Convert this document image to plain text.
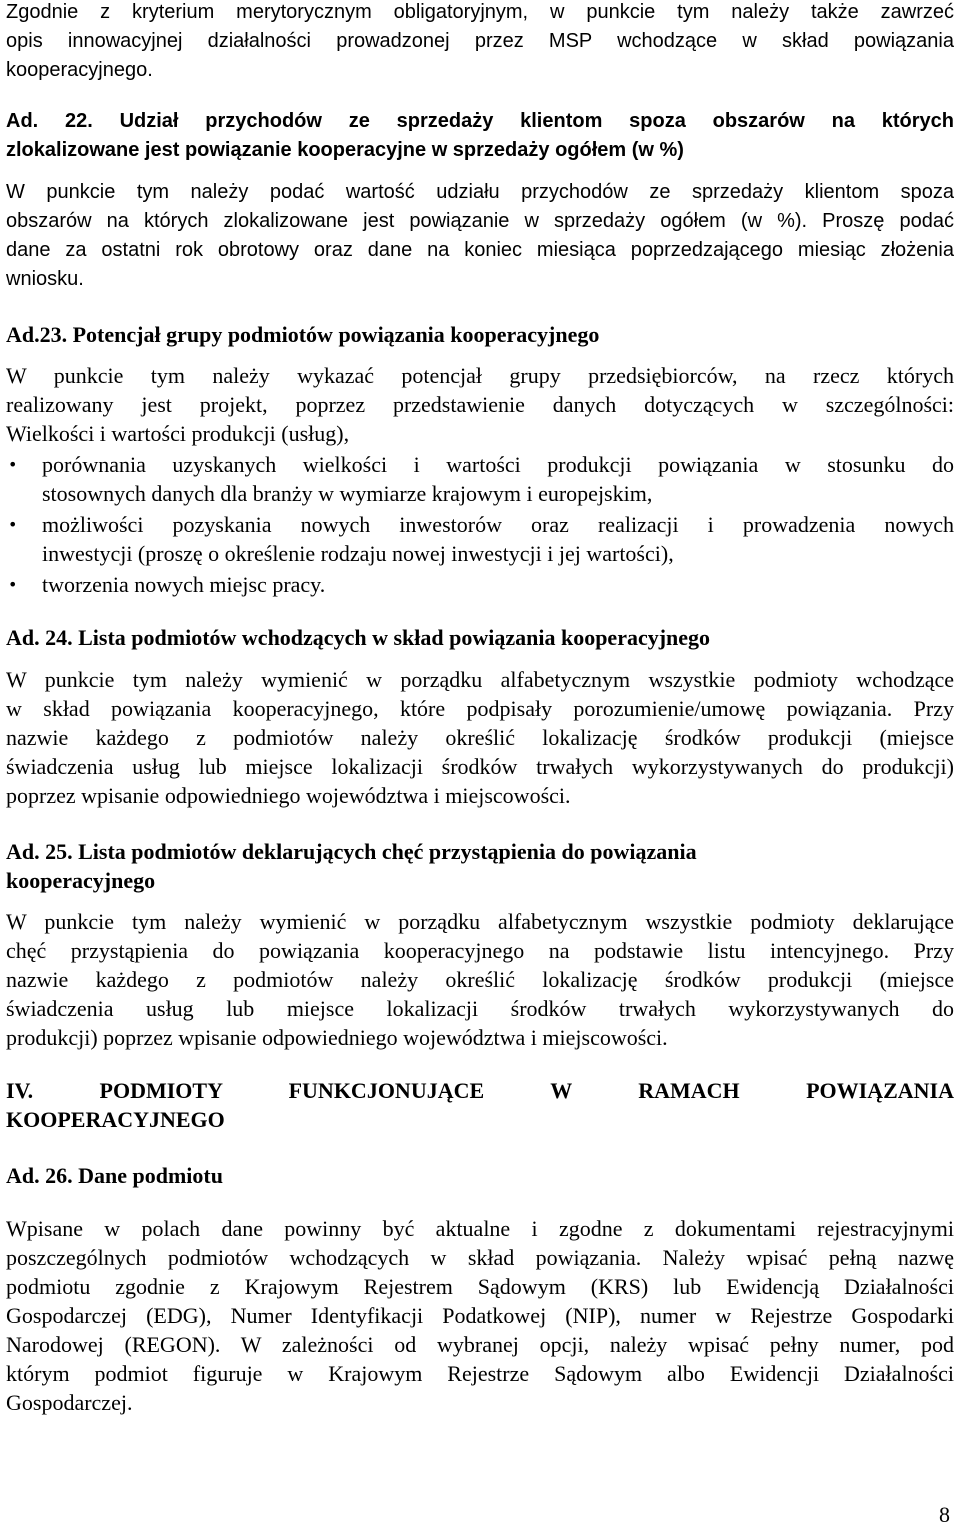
Zgodnie z kryterium merytorycznym obligatoryjnym, w punkcie tym należy także zawrzeć
opis innowacyjnej działalności prowadzonej przez MSP wchodzące w skład powiązania
kooperacyjnego.
Ad. 22. Udział przychodów ze sprzedaży klientom spoza obszarów na których
zlokalizowane jest powiązanie kooperacyjne w sprzedaży ogółem (w %)
W punkcie tym należy podać wartość udziału przychodów ze sprzedaży klientom spoza
obszarów na których zlokalizowane jest powiązanie w sprzedaży ogółem (w %). Proszę podać
dane za ostatni rok obrotowy oraz dane na koniec miesiąca poprzedzającego miesiąc złożenia
wniosku.
Ad.23. Potencjał grupy podmiotów powiązania kooperacyjnego
W punkcie tym należy wykazać potencjał grupy przedsiębiorców, na rzecz których
realizowany jest projekt, poprzez przedstawienie danych dotyczących w szczególności:
Wielkości i wartości produkcji (usług),
• porównania uzyskanych wielkości i wartości produkcji powiązania w stosunku do
stosownych danych dla branży w wymiarze krajowym i europejskim,
• możliwości pozyskania nowych inwestorów oraz realizacji i prowadzenia nowych
inwestycji (proszę o określenie rodzaju nowej inwestycji i jej wartości),
• tworzenia nowych miejsc pracy.
Ad. 24. Lista podmiotów wchodzących w skład powiązania kooperacyjnego
W punkcie tym należy wymienić w porządku alfabetycznym wszystkie podmioty wchodzące
w skład powiązania kooperacyjnego, które podpisały porozumienie/umowę powiązania. Przy
nazwie każdego z podmiotów należy określić lokalizację środków produkcji (miejsce
świadczenia usług lub miejsce lokalizacji środków trwałych wykorzystywanych do produkcji)
poprzez wpisanie odpowiedniego województwa i miejscowości.
Ad. 25. Lista podmiotów deklarujących chęć przystąpienia do powiązania
kooperacyjnego
W punkcie tym należy wymienić w porządku alfabetycznym wszystkie podmioty deklarujące
chęć przystąpienia do powiązania kooperacyjnego na podstawie listu intencyjnego. Przy
nazwie każdego z podmiotów należy określić lokalizację środków produkcji (miejsce
świadczenia usług lub miejsce lokalizacji środków trwałych wykorzystywanych do
produkcji) poprzez wpisanie odpowiedniego województwa i miejscowości.
IV. PODMIOTY FUNKCJONUJĄCE W RAMACH POWIĄZANIA
KOOPERACYJNEGO
Ad. 26. Dane podmiotu
Wpisane w polach dane powinny być aktualne i zgodne z dokumentami rejestracyjnymi
poszczególnych podmiotów wchodzących w skład powiązania. Należy wpisać pełną nazwę
podmiotu zgodnie z Krajowym Rejestrem Sądowym (KRS) lub Ewidencją Działalności
Gospodarczej (EDG), Numer Identyfikacji Podatkowej (NIP), numer w Rejestrze Gospodarki
Narodowej (REGON). W zależności od wybranej opcji, należy wpisać pełny numer, pod
którym podmiot figuruje w Krajowym Rejestrze Sądowym albo Ewidencji Działalności
Gospodarczej.
8
